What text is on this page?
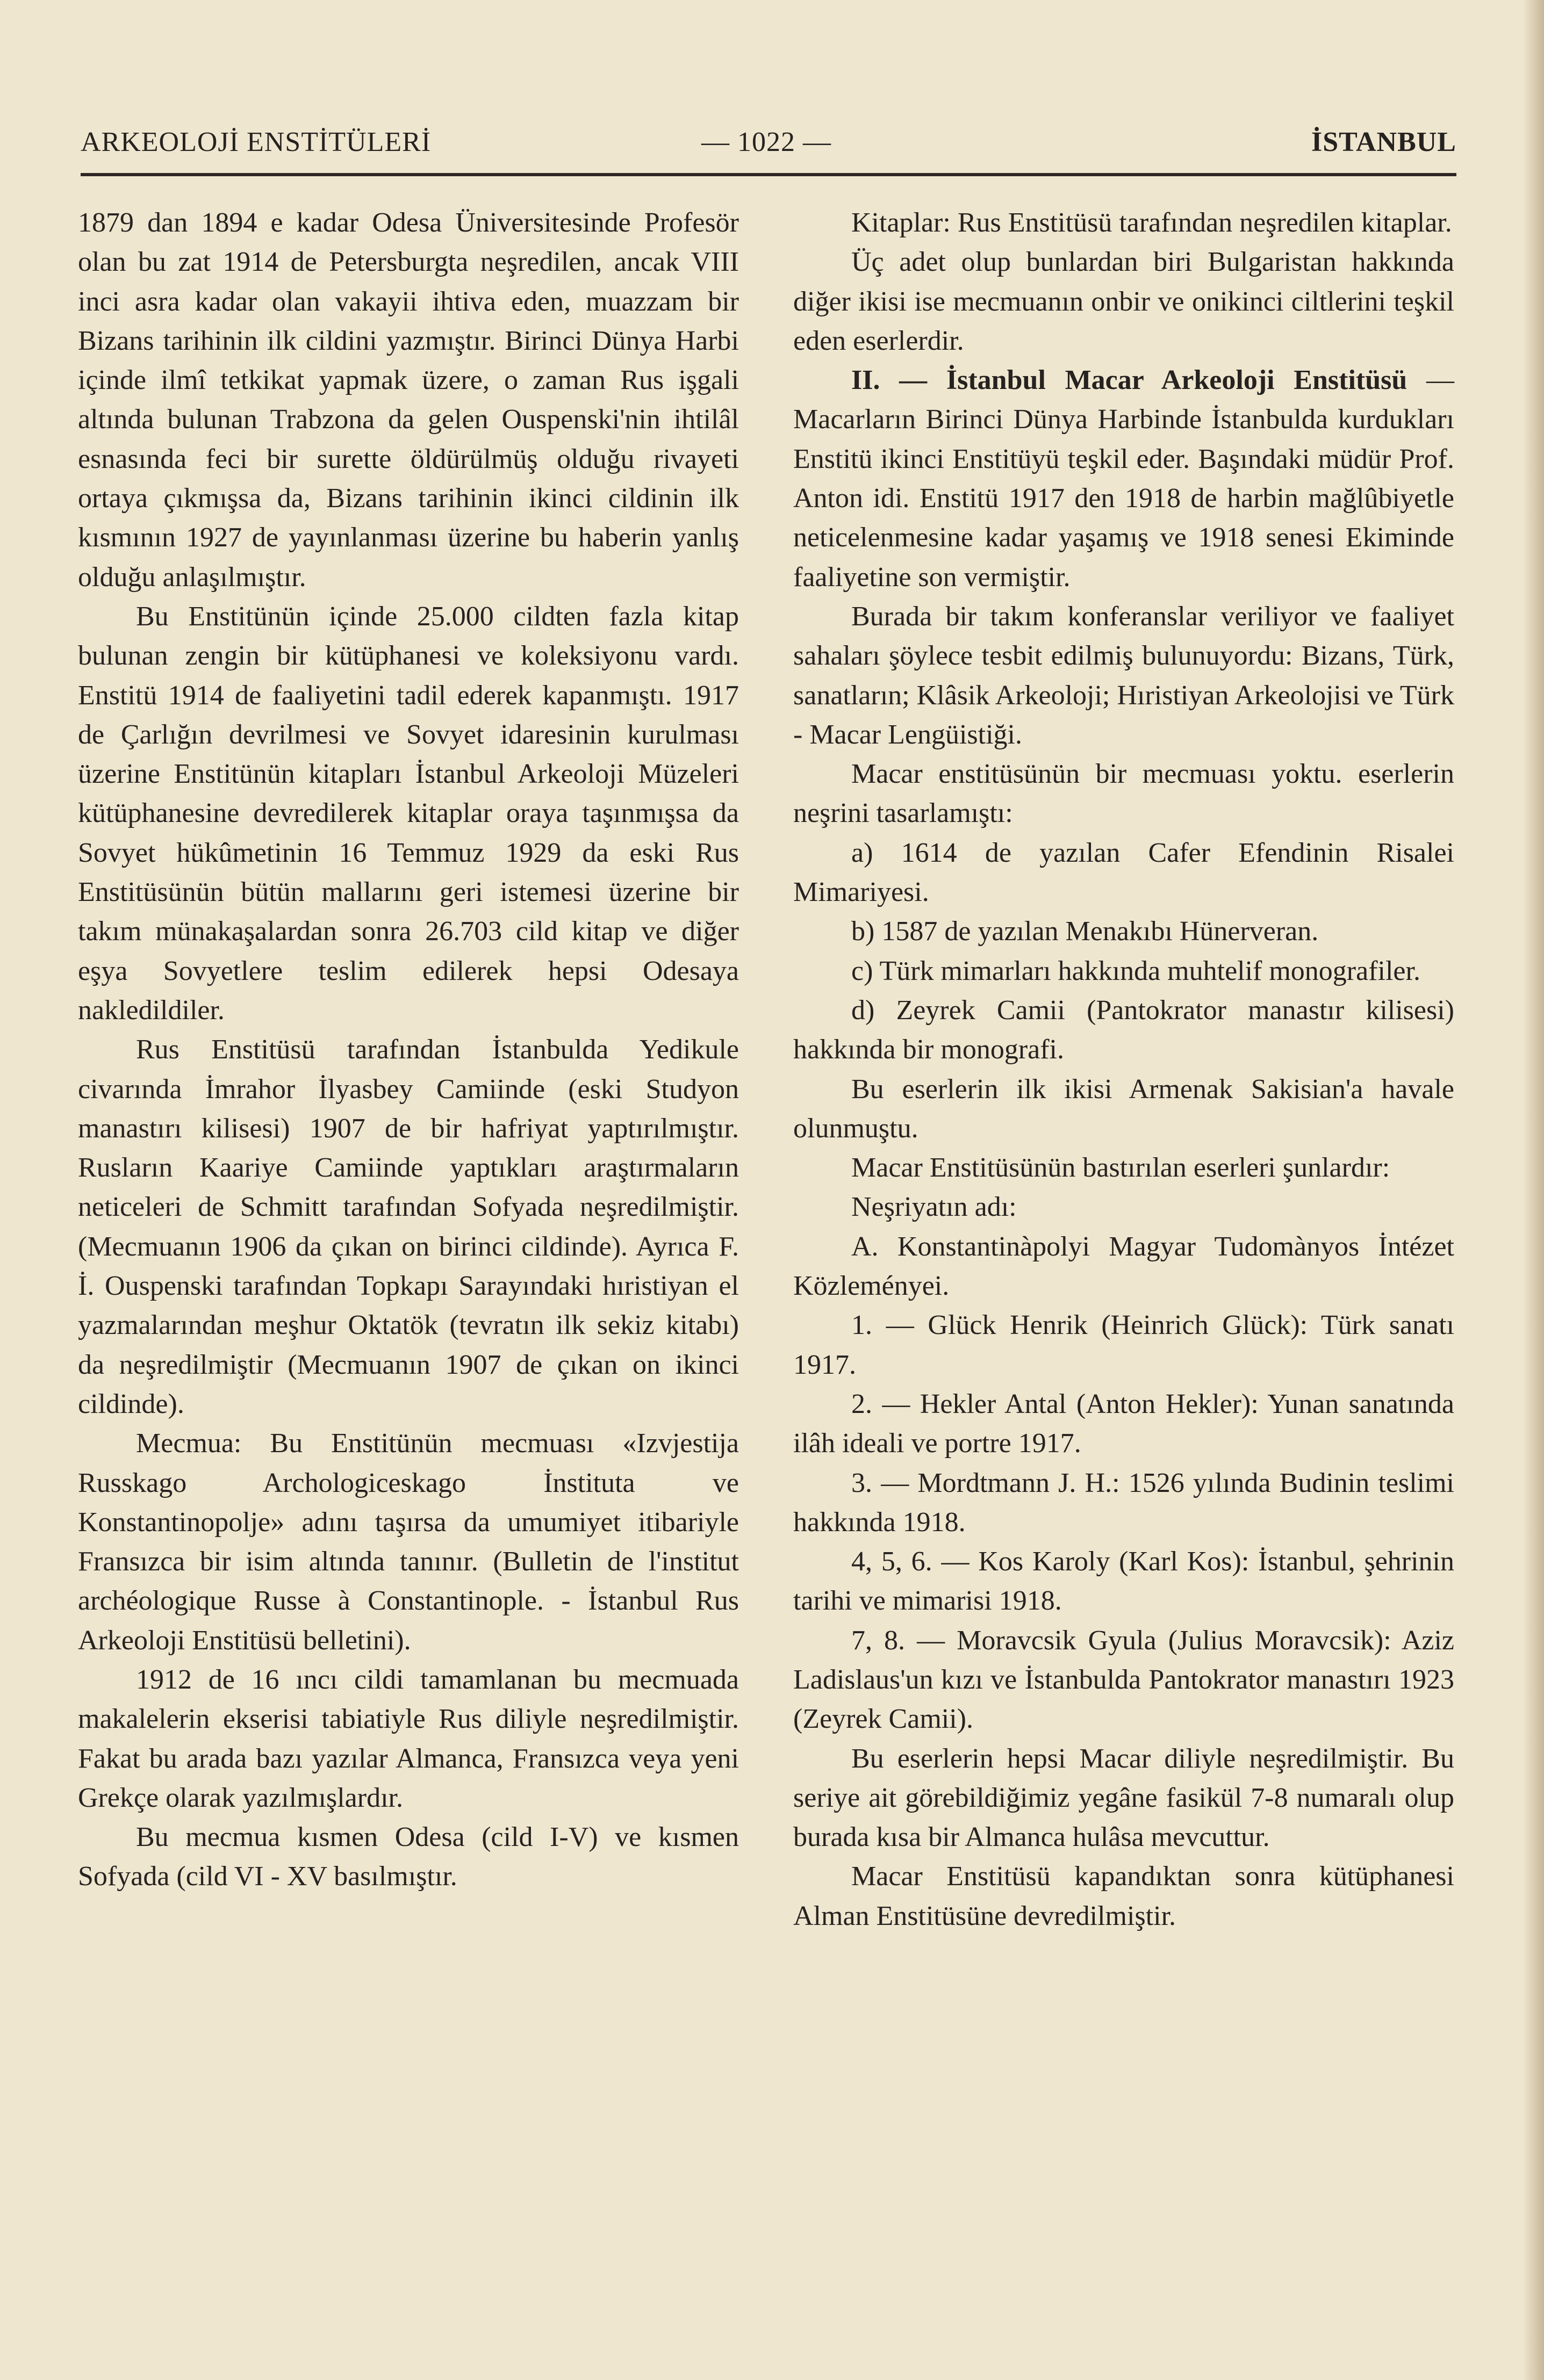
ARKEOLOJİ ENSTİTÜLERİ	— 1022 —	İSTANBUL

1879 dan 1894 e kadar Odesa Üniversitesinde Profesör olan bu zat 1914 de Petersburgta neşredilen, ancak VIII inci asra kadar olan vakayii ihtiva eden, muazzam bir Bizans tarihinin ilk cildini yazmıştır. Birinci Dünya Harbi içinde ilmî tetkikat yapmak üzere, o zaman Rus işgali altında bulunan Trabzona da gelen Ouspenski'nin ihtilâl esnasında feci bir surette öldürülmüş olduğu rivayeti ortaya çıkmışsa da, Bizans tarihinin ikinci cildinin ilk kısmının 1927 de yayınlanması üzerine bu haberin yanlış olduğu anlaşılmıştır.

Bu Enstitünün içinde 25.000 cildten fazla kitap bulunan zengin bir kütüphanesi ve koleksiyonu vardı. Enstitü 1914 de faaliyetini tadil ederek kapanmıştı. 1917 de Çarlığın devrilmesi ve Sovyet idaresinin kurulması üzerine Enstitünün kitapları İstanbul Arkeoloji Müzeleri kütüphanesine devredilerek kitaplar oraya taşınmışsa da Sovyet hükûmetinin 16 Temmuz 1929 da eski Rus Enstitüsünün bütün mallarını geri istemesi üzerine bir takım münakaşalardan sonra 26.703 cild kitap ve diğer eşya Sovyetlere teslim edilerek hepsi Odesaya nakledildiler.

Rus Enstitüsü tarafından İstanbulda Yedikule civarında İmrahor İlyasbey Camiinde (eski Studyon manastırı kilisesi) 1907 de bir hafriyat yaptırılmıştır. Rusların Kaariye Camiinde yaptıkları araştırmaların neticeleri de Schmitt tarafından Sofyada neşredilmiştir. (Mecmuanın 1906 da çıkan on birinci cildinde). Ayrıca F. İ. Ouspenski tarafından Topkapı Sarayındaki hıristiyan el yazmalarından meşhur Oktatök (tevratın ilk sekiz kitabı) da neşredilmiştir (Mecmuanın 1907 de çıkan on ikinci cildinde).

Mecmua: Bu Enstitünün mecmuası «Izvjestija Russkago Archologiceskago İnstituta ve Konstantinopolje» adını taşırsa da umumiyet itibariyle Fransızca bir isim altında tanınır. (Bulletin de l'institut archéologique Russe à Constantinople. - İstanbul Rus Arkeoloji Enstitüsü belletini).

1912 de 16 ıncı cildi tamamlanan bu mecmuada makalelerin ekserisi tabiatiyle Rus diliyle neşredilmiştir. Fakat bu arada bazı yazılar Almanca, Fransızca veya yeni Grekçe olarak yazılmışlardır.

Bu mecmua kısmen Odesa (cild I-V) ve kısmen Sofyada (cild VI - XV basılmıştır.

Kitaplar: Rus Enstitüsü tarafından neşredilen kitaplar.

Üç adet olup bunlardan biri Bulgaristan hakkında diğer ikisi ise mecmuanın onbir ve onikinci ciltlerini teşkil eden eserlerdir.

II. — İstanbul Macar Arkeoloji Enstitüsü — Macarların Birinci Dünya Harbinde İstanbulda kurdukları Enstitü ikinci Enstitüyü teşkil eder. Başındaki müdür Prof. Anton idi. Enstitü 1917 den 1918 de harbin mağlûbiyetle neticelenmesine kadar yaşamış ve 1918 senesi Ekiminde faaliyetine son vermiştir.

Burada bir takım konferanslar veriliyor ve faaliyet sahaları şöylece tesbit edilmiş bulunuyordu: Bizans, Türk, sanatların; Klâsik Arkeoloji; Hıristiyan Arkeolojisi ve Türk - Macar Lengüistiği.

Macar enstitüsünün bir mecmuası yoktu. eserlerin neşrini tasarlamıştı:

a) 1614 de yazılan Cafer Efendinin Risalei Mimariyesi.

b) 1587 de yazılan Menakıbı Hünerveran.

c) Türk mimarları hakkında muhtelif monografiler.

d) Zeyrek Camii (Pantokrator manastır kilisesi) hakkında bir monografi.

Bu eserlerin ilk ikisi Armenak Sakisian'a havale olunmuştu.

Macar Enstitüsünün bastırılan eserleri şunlardır:

Neşriyatın adı:

A. Konstantinàpolyi Magyar Tudomànyos İntézet Közleményei.

1. — Glück Henrik (Heinrich Glück): Türk sanatı 1917.

2. — Hekler Antal (Anton Hekler): Yunan sanatında ilâh ideali ve portre 1917.

3. — Mordtmann J. H.: 1526 yılında Budinin teslimi hakkında 1918.

4, 5, 6. — Kos Karoly (Karl Kos): İstanbul, şehrinin tarihi ve mimarisi 1918.

7, 8. — Moravcsik Gyula (Julius Moravcsik): Aziz Ladislaus'un kızı ve İstanbulda Pantokrator manastırı 1923 (Zeyrek Camii).

Bu eserlerin hepsi Macar diliyle neşredilmiştir. Bu seriye ait görebildiğimiz yegâne fasikül 7-8 numaralı olup burada kısa bir Almanca hulâsa mevcuttur.

Macar Enstitüsü kapandıktan sonra kütüphanesi Alman Enstitüsüne devredilmiştir.
